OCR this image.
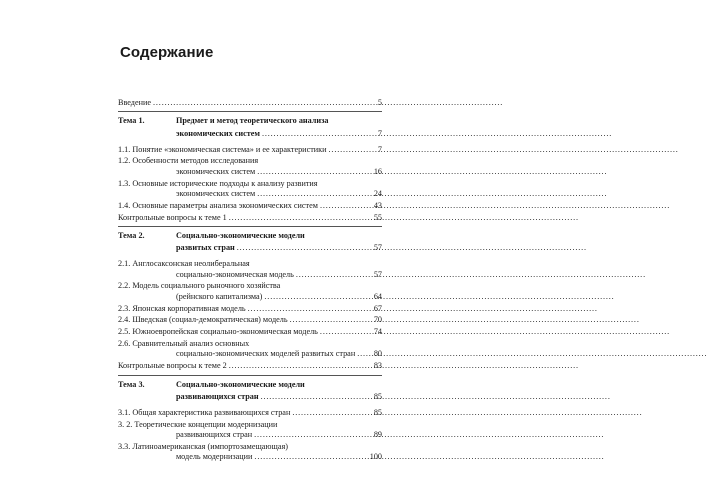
Содержание
Введение . . .	5
Тема 1.	Предмет и метод теоретического анализа
экономических систем . . .	7
1.1. Понятие «экономическая система» и ее характеристики . . .	7
1.2. Особенности методов исследования
экономических систем . . .	16
1.3. Основные исторические подходы к анализу развития
экономических систем . . .	24
1.4. Основные параметры анализа экономических систем . . .	43
Контрольные вопросы к теме 1 . . .	55
Тема 2.	Социально-экономические модели
развитых стран . . .	57
2.1. Англосаксонская неолиберальная
социально-экономическая модель . . .	57
2.2. Модель социального рыночного хозяйства
(рейнского капитализма) . . .	64
2.3. Японская корпоративная модель . . .	67
2.4. Шведская (социал-демократическая) модель . . .	70
2.5. Южноевропейская социально-экономическая модель . . .	74
2.6. Сравнительный анализ основных
социально-экономических моделей развитых стран . . . 80
Контрольные вопросы к теме 2 . . .	83
Тема 3.	Социально-экономические модели
развивающихся стран . . .	85
3.1. Общая характеристика развивающихся стран . . .	85
3. 2. Теоретические концепции модернизации
развивающихся стран . . .	89
3.3. Латиноамериканская (импортозамещающая)
модель модернизации . . .	100
